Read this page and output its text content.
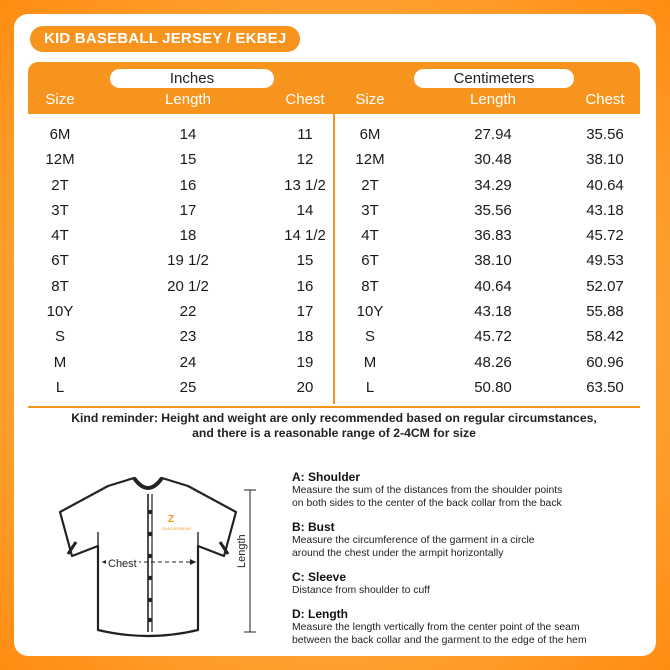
KID BASEBALL JERSEY / EKBEJ
Inches	Centimeters
Size	Length	Chest	Size	Length	Chest
6M	14	11	6M	27.94	35.56
12M	15	12	12M	30.48	38.10
2T	16	13 1/2	2T	34.29	40.64
3T	17	14	3T	35.56	43.18
4T	18	14 1/2	4T	36.83	45.72
6T	19 1/2	15	6T	38.10	49.53
8T	20 1/2	16	8T	40.64	52.07
10Y	22	17	10Y	43.18	55.88
S	23	18	S	45.72	58.42
M	24	19	M	48.26	60.96
L	25	20	L	50.80	63.50
Kind reminder: Height and weight are only recommended based on regular circumstances,
and there is a reasonable range of 2-4CM for size
Z
Chest	Length
ZANDERBEAR
A: Shoulder
Measure the sum of the distances from the shoulder points
on both sides to the center of the back collar from the back
B: Bust
Measure the circumference of the garment in a circle
around the chest under the armpit horizontally
C: Sleeve
Distance from shoulder to cuff
D: Length
Measure the length vertically from the center point of the seam
between the back collar and the garment to the edge of the hem
